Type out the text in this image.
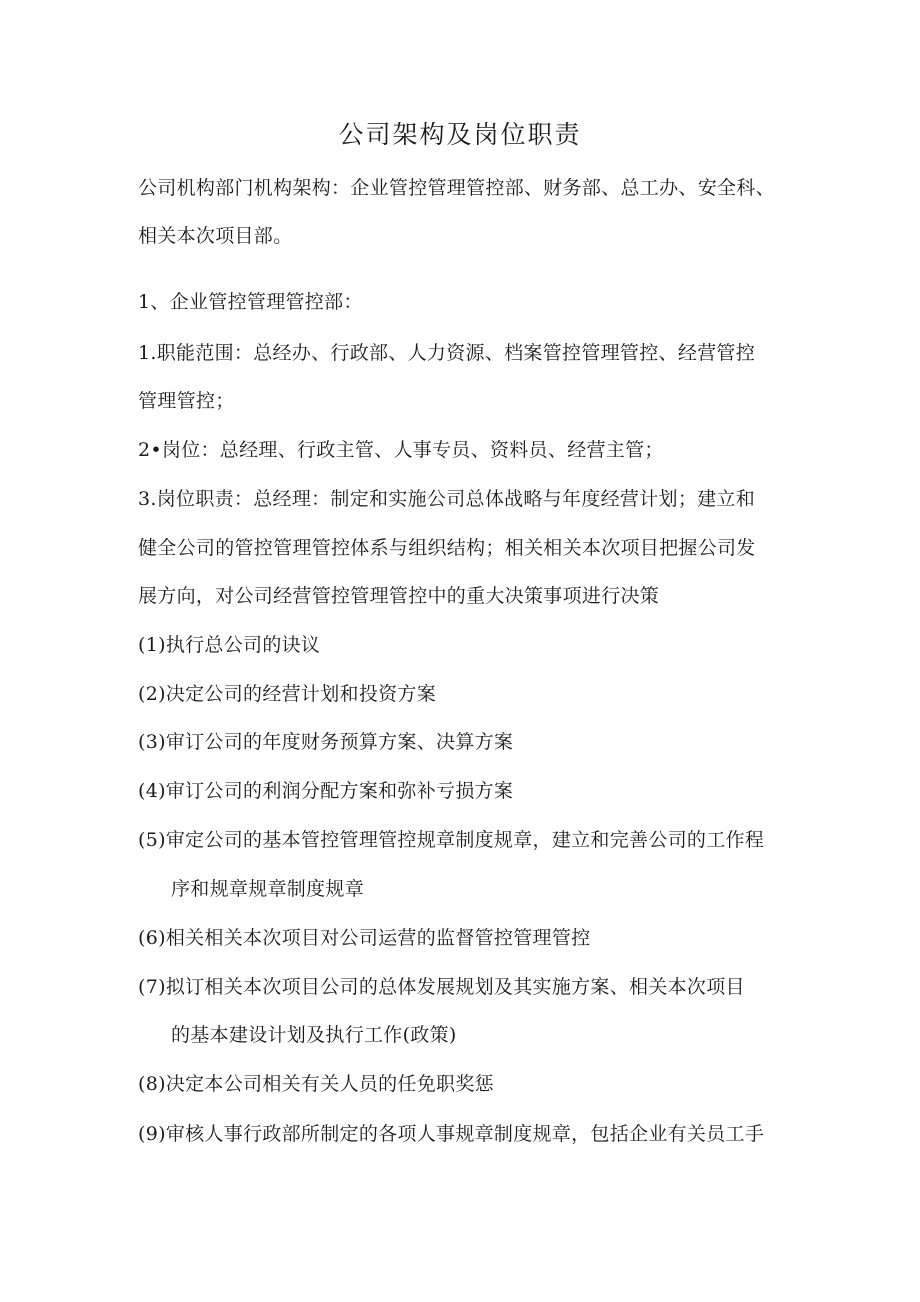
公司架构及岗位职责
公司机构部门机构架构：企业管控管理管控部、财务部、总工办、安全科、
相关本次项目部。
1、企业管控管理管控部：
1.职能范围：总经办、行政部、人力资源、档案管控管理管控、经营管控
管理管控；
2•岗位：总经理、行政主管、人事专员、资料员、经营主管；
3.岗位职责：总经理：制定和实施公司总体战略与年度经营计划；建立和
健全公司的管控管理管控体系与组织结构；相关相关本次项目把握公司发
展方向，对公司经营管控管理管控中的重大决策事项进行决策
(1)执行总公司的诀议
(2)决定公司的经营计划和投资方案
(3)审订公司的年度财务预算方案、决算方案
(4)审订公司的利润分配方案和弥补亏损方案
(5)审定公司的基本管控管理管控规章制度规章，建立和完善公司的工作程
序和规章规章制度规章
(6)相关相关本次项目对公司运营的监督管控管理管控
(7)拟订相关本次项目公司的总体发展规划及其实施方案、相关本次项目
的基本建设计划及执行工作(政策)
(8)决定本公司相关有关人员的任免职奖惩
(9)审核人事行政部所制定的各项人事规章制度规章，包括企业有关员工手
